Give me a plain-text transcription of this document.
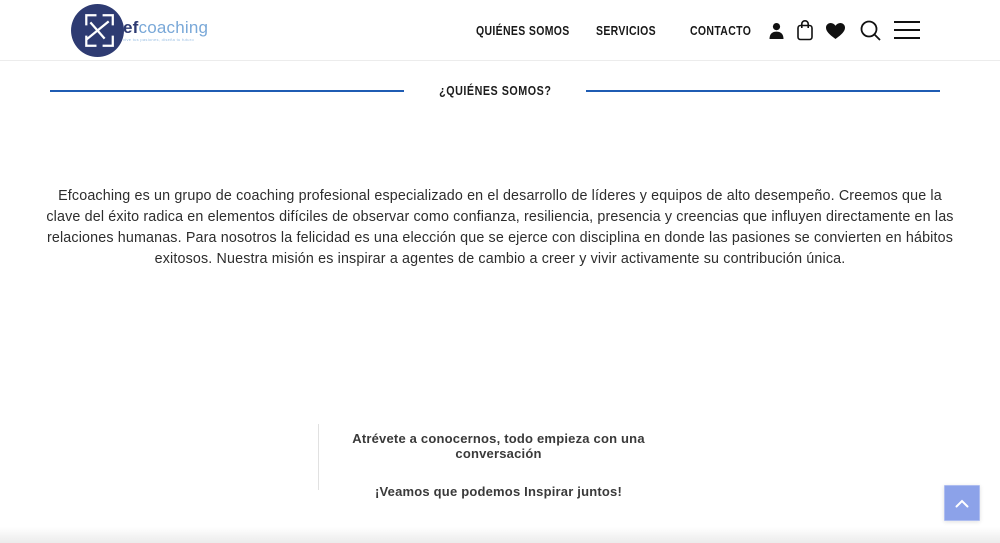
efcoaching
vive tus pasiones, diseña tu futuro
QUIÉNES SOMOS SERVICIOS	CONTACTO
¿QUIÉNES SOMOS?

Efcoaching es un grupo de coaching profesional especializado en el desarrollo de líderes y equipos de alto desempeño. Creemos que la clave del éxito radica en elementos difíciles de observar como confianza, resiliencia, presencia y creencias que influyen directamente en las relaciones humanas. Para nosotros la felicidad es una elección que se ejerce con disciplina en donde las pasiones se convierten en hábitos exitosos. Nuestra misión es inspirar a agentes de cambio a creer y vivir activamente su contribución única.

Atrévete a conocernos, todo empieza con una conversación

¡Veamos que podemos Inspirar juntos!
